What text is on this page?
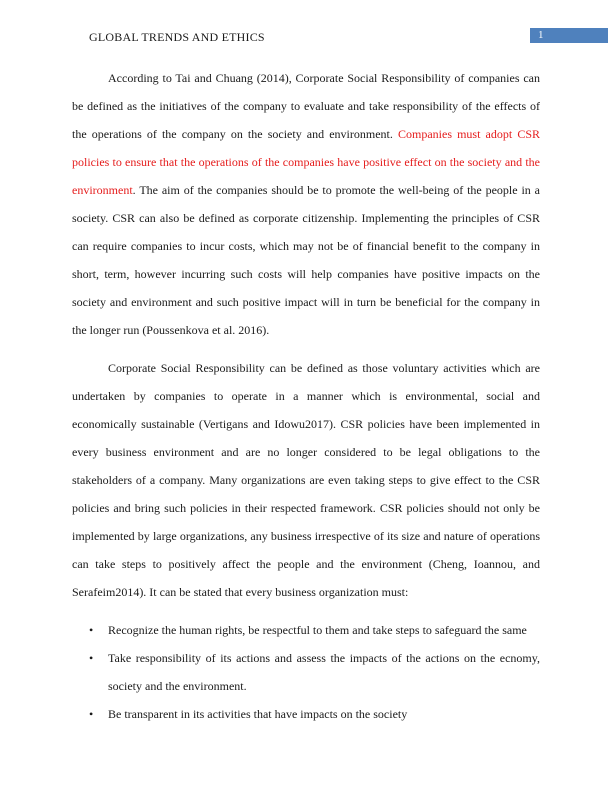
GLOBAL TRENDS AND ETHICS	1

According to Tai and Chuang (2014), Corporate Social Responsibility of companies can be defined as the initiatives of the company to evaluate and take responsibility of the effects of the operations of the company on the society and environment. Companies must adopt CSR policies to ensure that the operations of the companies have positive effect on the society and the environment. The aim of the companies should be to promote the well-being of the people in a society. CSR can also be defined as corporate citizenship. Implementing the principles of CSR can require companies to incur costs, which may not be of financial benefit to the company in short, term, however incurring such costs will help companies have positive impacts on the society and environment and such positive impact will in turn be beneficial for the company in the longer run (Poussenkova et al. 2016).

Corporate Social Responsibility can be defined as those voluntary activities which are undertaken by companies to operate in a manner which is environmental, social and economically sustainable (Vertigans and Idowu2017). CSR policies have been implemented in every business environment and are no longer considered to be legal obligations to the stakeholders of a company. Many organizations are even taking steps to give effect to the CSR policies and bring such policies in their respected framework. CSR policies should not only be implemented by large organizations, any business irrespective of its size and nature of operations can take steps to positively affect the people and the environment (Cheng, Ioannou, and Serafeim2014). It can be stated that every business organization must:

• Recognize the human rights, be respectful to them and take steps to safeguard the same
• Take responsibility of its actions and assess the impacts of the actions on the ecnomy, society and the environment.
• Be transparent in its activities that have impacts on the society
